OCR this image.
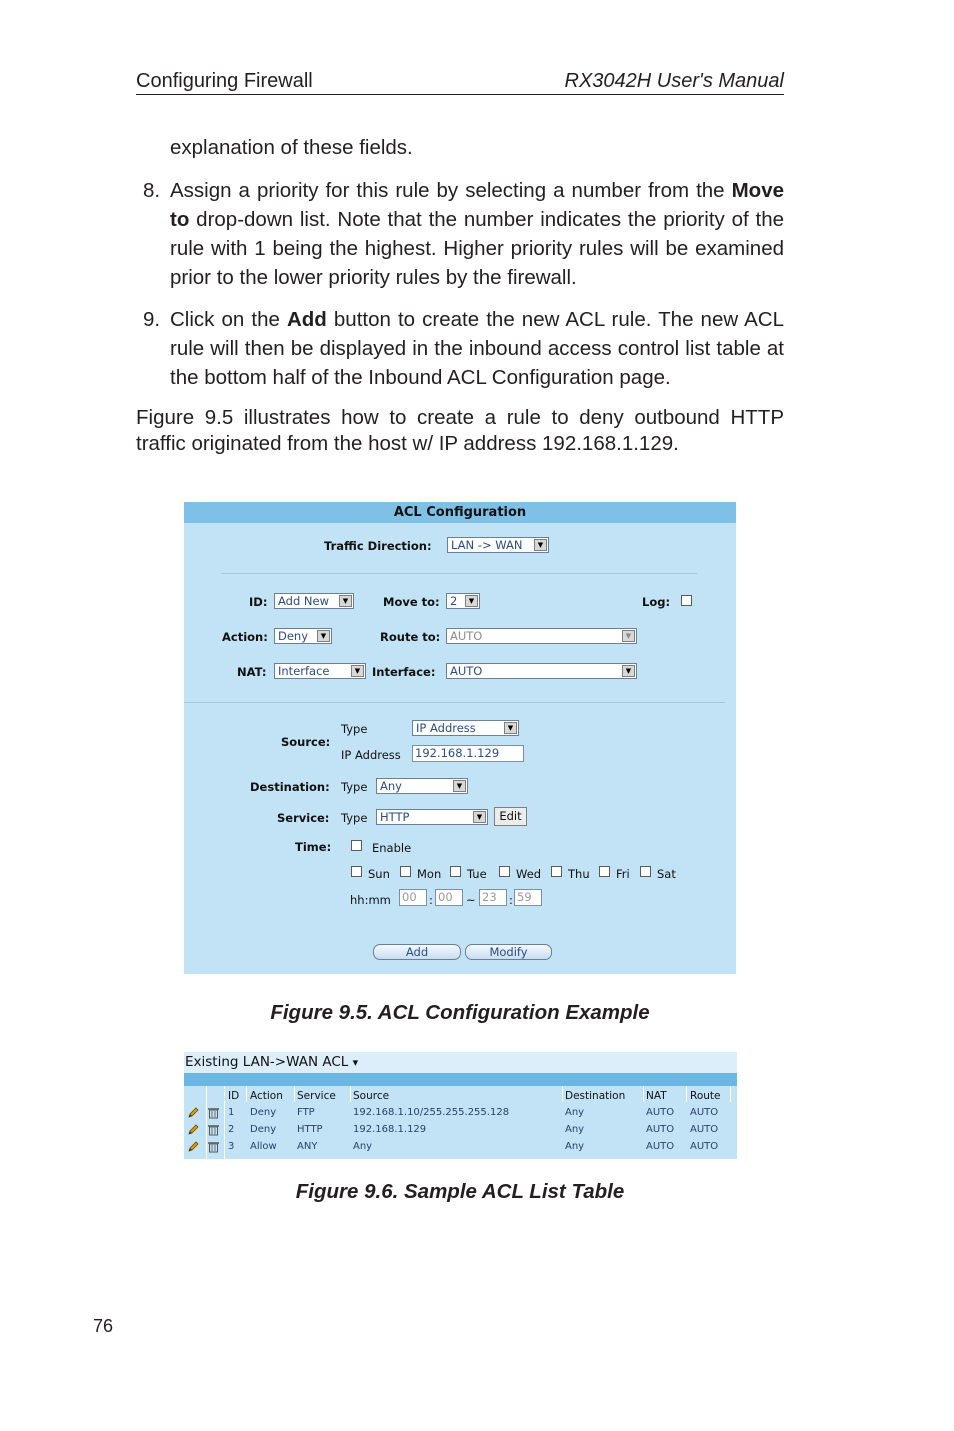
Configuring Firewall	RX3042H User's Manual
explanation of these fields.
8. Assign a priority for this rule by selecting a number from the Move to drop-down list. Note that the number indicates the priority of the rule with 1 being the highest. Higher priority rules will be examined prior to the lower priority rules by the firewall.
9. Click on the Add button to create the new ACL rule. The new ACL rule will then be displayed in the inbound access control list table at the bottom half of the Inbound ACL Configuration page.
Figure 9.5 illustrates how to create a rule to deny outbound HTTP traffic originated from the host w/ IP address 192.168.1.129.
ACL Configuration
Traffic Direction:	LAN -> WAN	▼
ID: Add New	▼	Move to: 2	▼	Log:
Action: Deny	▼	Route to: AUTO	▼
NAT:	Interface	▼	Interface:	AUTO	▼
Source:
Type	IP Address	▼
IP Address 192.168.1.129
Destination: Type	Any	▼
Service: Type	HTTP	▼	Edit
Time:	Enable
Sun Mon Tue	Wed Thu Fri Sat
hh:mm 00	: 00	~ 23	: 59
Add	Modify
Figure 9.5. ACL Configuration Example
Existing LAN->WAN ACL ▾
ID Action Service Source	Destination NAT Route
1 Deny FTP	192.168.1.10/255.255.255.128	Any	AUTO AUTO
2 Deny HTTP	192.168.1.129	Any	AUTO AUTO
3 Allow ANY	Any	Any	AUTO AUTO
Figure 9.6. Sample ACL List Table
76
